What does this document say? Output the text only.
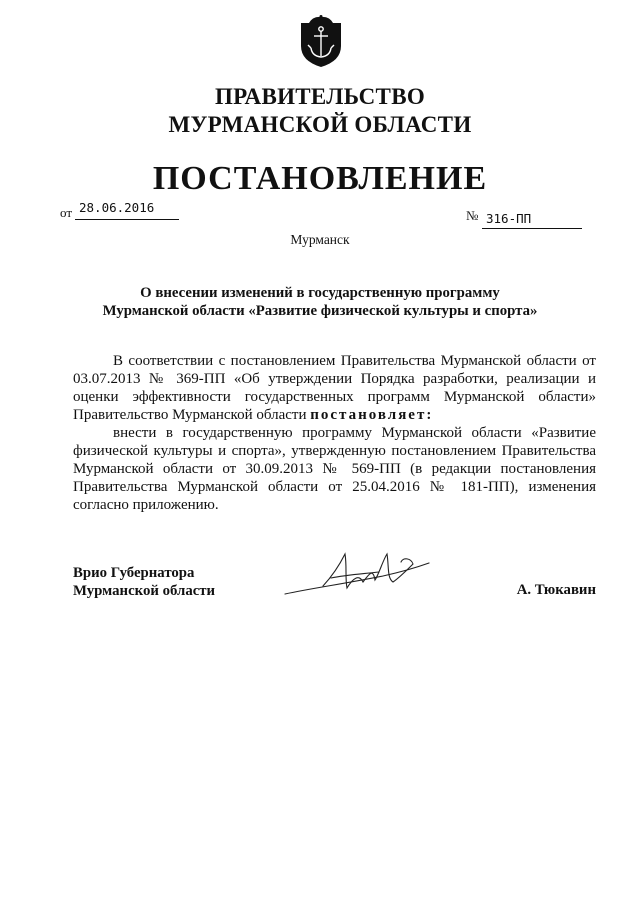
ПРАВИТЕЛЬСТВО
МУРМАНСКОЙ ОБЛАСТИ
ПОСТАНОВЛЕНИЕ
от 28.06.2016
№ 316-ПП
Мурманск
О внесении изменений в государственную программу
Мурманской области «Развитие физической культуры и спорта»
В соответствии с постановлением Правительства Мурманской области от 03.07.2013 № 369-ПП «Об утверждении Порядка разработки, реализации и оценки эффективности государственных программ Мурманской области» Правительство Мурманской области постановляет:
внести в государственную программу Мурманской области «Развитие физической культуры и спорта», утвержденную постановлением Правительства Мурманской области от 30.09.2013 № 569-ПП (в редакции постановления Правительства Мурманской области от 25.04.2016 № 181-ПП), изменения согласно приложению.
Врио Губернатора
Мурманской области	А. Тюкавин
